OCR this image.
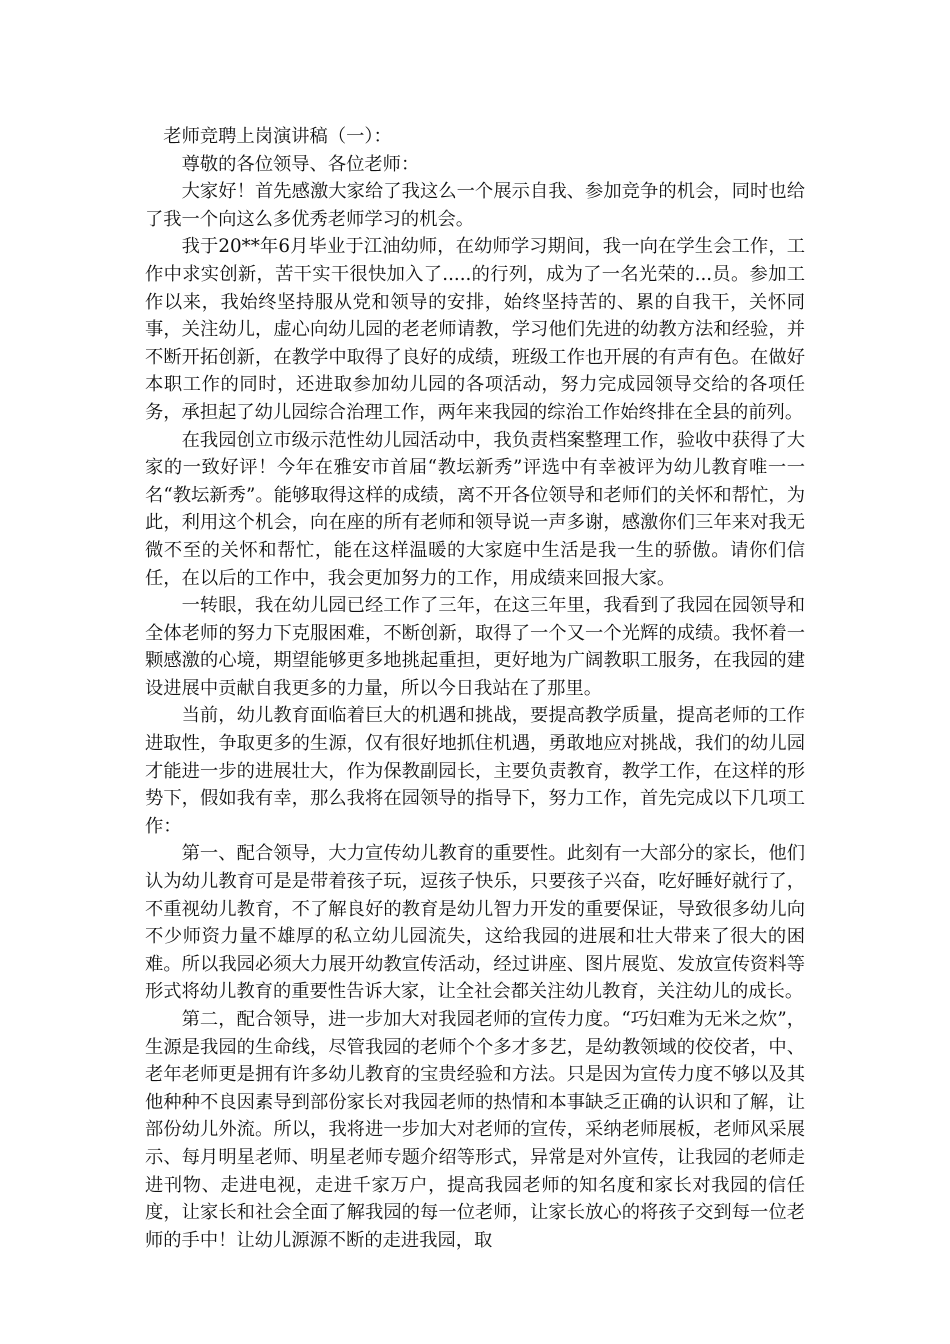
老师竞聘上岗演讲稿（一）：

尊敬的各位领导、各位老师：

大家好！首先感激大家给了我这么一个展示自我、参加竞争的机会，同时也给了我一个向这么多优秀老师学习的机会。

我于20**年6月毕业于江油幼师，在幼师学习期间，我一向在学生会工作，工作中求实创新，苦干实干很快加入了.....的行列，成为了一名光荣的...员。参加工作以来，我始终坚持服从党和领导的安排，始终坚持苦的、累的自我干，关怀同事，关注幼儿，虚心向幼儿园的老老师请教，学习他们先进的幼教方法和经验，并不断开拓创新，在教学中取得了良好的成绩，班级工作也开展的有声有色。在做好本职工作的同时，还进取参加幼儿园的各项活动，努力完成园领导交给的各项任务，承担起了幼儿园综合治理工作，两年来我园的综治工作始终排在全县的前列。

在我园创立市级示范性幼儿园活动中，我负责档案整理工作，验收中获得了大家的一致好评！今年在雅安市首届“教坛新秀”评选中有幸被评为幼儿教育唯一一名“教坛新秀”。能够取得这样的成绩，离不开各位领导和老师们的关怀和帮忙，为此，利用这个机会，向在座的所有老师和领导说一声多谢，感激你们三年来对我无微不至的关怀和帮忙，能在这样温暖的大家庭中生活是我一生的骄傲。请你们信任，在以后的工作中，我会更加努力的工作，用成绩来回报大家。

一转眼，我在幼儿园已经工作了三年，在这三年里，我看到了我园在园领导和全体老师的努力下克服困难，不断创新，取得了一个又一个光辉的成绩。我怀着一颗感激的心境，期望能够更多地挑起重担，更好地为广阔教职工服务，在我园的建设进展中贡献自我更多的力量，所以今日我站在了那里。

当前，幼儿教育面临着巨大的机遇和挑战，要提高教学质量，提高老师的工作进取性，争取更多的生源，仅有很好地抓住机遇，勇敢地应对挑战，我们的幼儿园才能进一步的进展壮大，作为保教副园长，主要负责教育，教学工作，在这样的形势下，假如我有幸，那么我将在园领导的指导下，努力工作，首先完成以下几项工作：

第一、配合领导，大力宣传幼儿教育的重要性。此刻有一大部分的家长，他们认为幼儿教育可是是带着孩子玩，逗孩子快乐，只要孩子兴奋，吃好睡好就行了，不重视幼儿教育，不了解良好的教育是幼儿智力开发的重要保证，导致很多幼儿向不少师资力量不雄厚的私立幼儿园流失，这给我园的进展和壮大带来了很大的困难。所以我园必须大力展开幼教宣传活动，经过讲座、图片展览、发放宣传资料等形式将幼儿教育的重要性告诉大家，让全社会都关注幼儿教育，关注幼儿的成长。

第二，配合领导，进一步加大对我园老师的宣传力度。“巧妇难为无米之炊”，生源是我园的生命线，尽管我园的老师个个多才多艺，是幼教领域的佼佼者，中、老年老师更是拥有许多幼儿教育的宝贵经验和方法。只是因为宣传力度不够以及其他种种不良因素导到部份家长对我园老师的热情和本事缺乏正确的认识和了解，让部份幼儿外流。所以，我将进一步加大对老师的宣传，采纳老师展板，老师风采展示、每月明星老师、明星老师专题介绍等形式，异常是对外宣传，让我园的老师走进刊物、走进电视，走进千家万户，提高我园老师的知名度和家长对我园的信任度，让家长和社会全面了解我园的每一位老师，让家长放心的将孩子交到每一位老师的手中！让幼儿源源不断的走进我园，取
